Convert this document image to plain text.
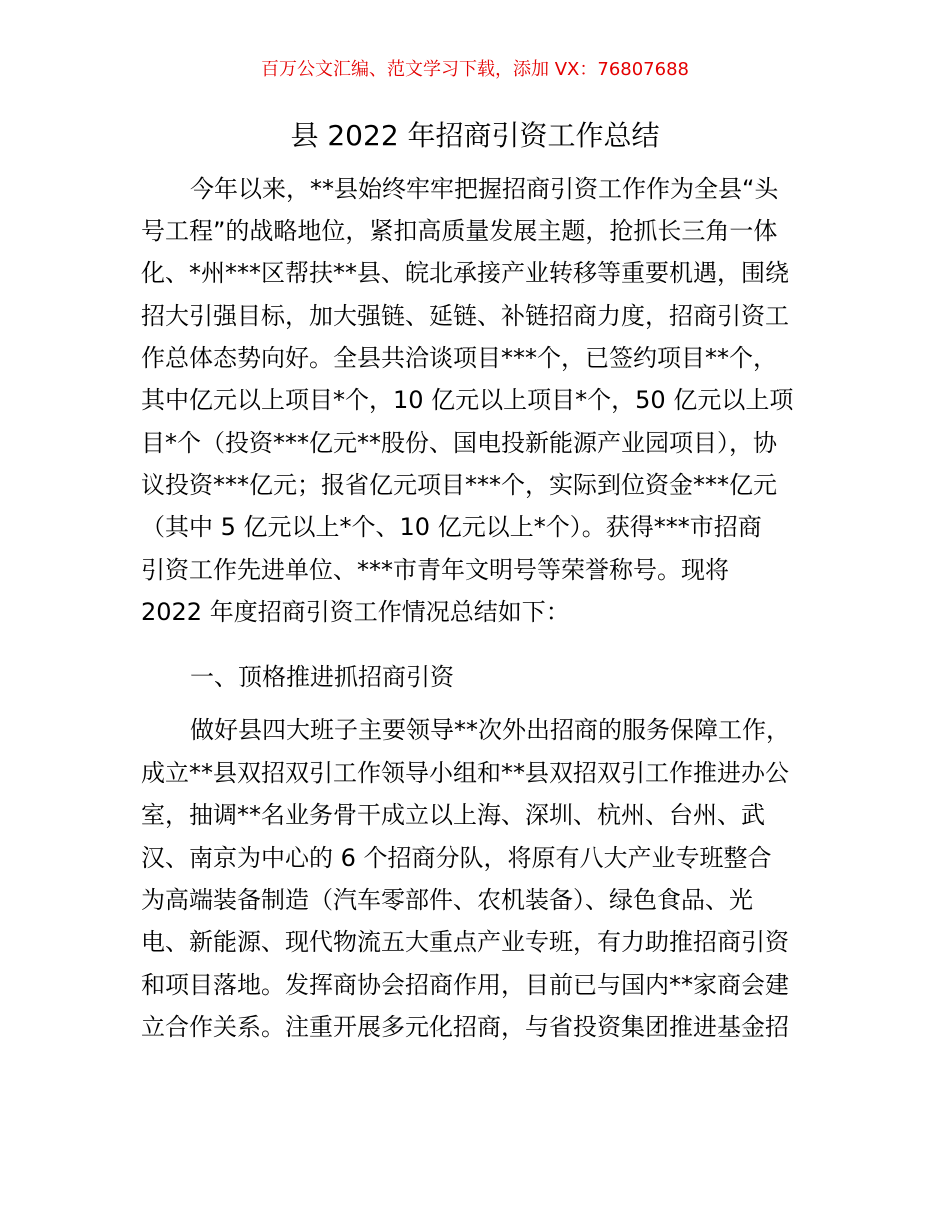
百万公文汇编、范文学习下载，添加 VX：76807688
县 2022 年招商引资工作总结
今年以来，**县始终牢牢把握招商引资工作作为全县“头
号工程”的战略地位，紧扣高质量发展主题，抢抓长三角一体
化、*州***区帮扶**县、皖北承接产业转移等重要机遇，围绕
招大引强目标，加大强链、延链、补链招商力度，招商引资工
作总体态势向好。全县共洽谈项目***个，已签约项目**个，
其中亿元以上项目*个，10 亿元以上项目*个，50 亿元以上项
目*个（投资***亿元**股份、国电投新能源产业园项目），协
议投资***亿元；报省亿元项目***个，实际到位资金***亿元
（其中 5 亿元以上*个、10 亿元以上*个）。获得***市招商
引资工作先进单位、***市青年文明号等荣誉称号。现将
2022 年度招商引资工作情况总结如下：
一、顶格推进抓招商引资
做好县四大班子主要领导**次外出招商的服务保障工作，
成立**县双招双引工作领导小组和**县双招双引工作推进办公
室，抽调**名业务骨干成立以上海、深圳、杭州、台州、武
汉、南京为中心的 6 个招商分队，将原有八大产业专班整合
为高端装备制造（汽车零部件、农机装备）、绿色食品、光
电、新能源、现代物流五大重点产业专班，有力助推招商引资
和项目落地。发挥商协会招商作用，目前已与国内**家商会建
立合作关系。注重开展多元化招商，与省投资集团推进基金招
